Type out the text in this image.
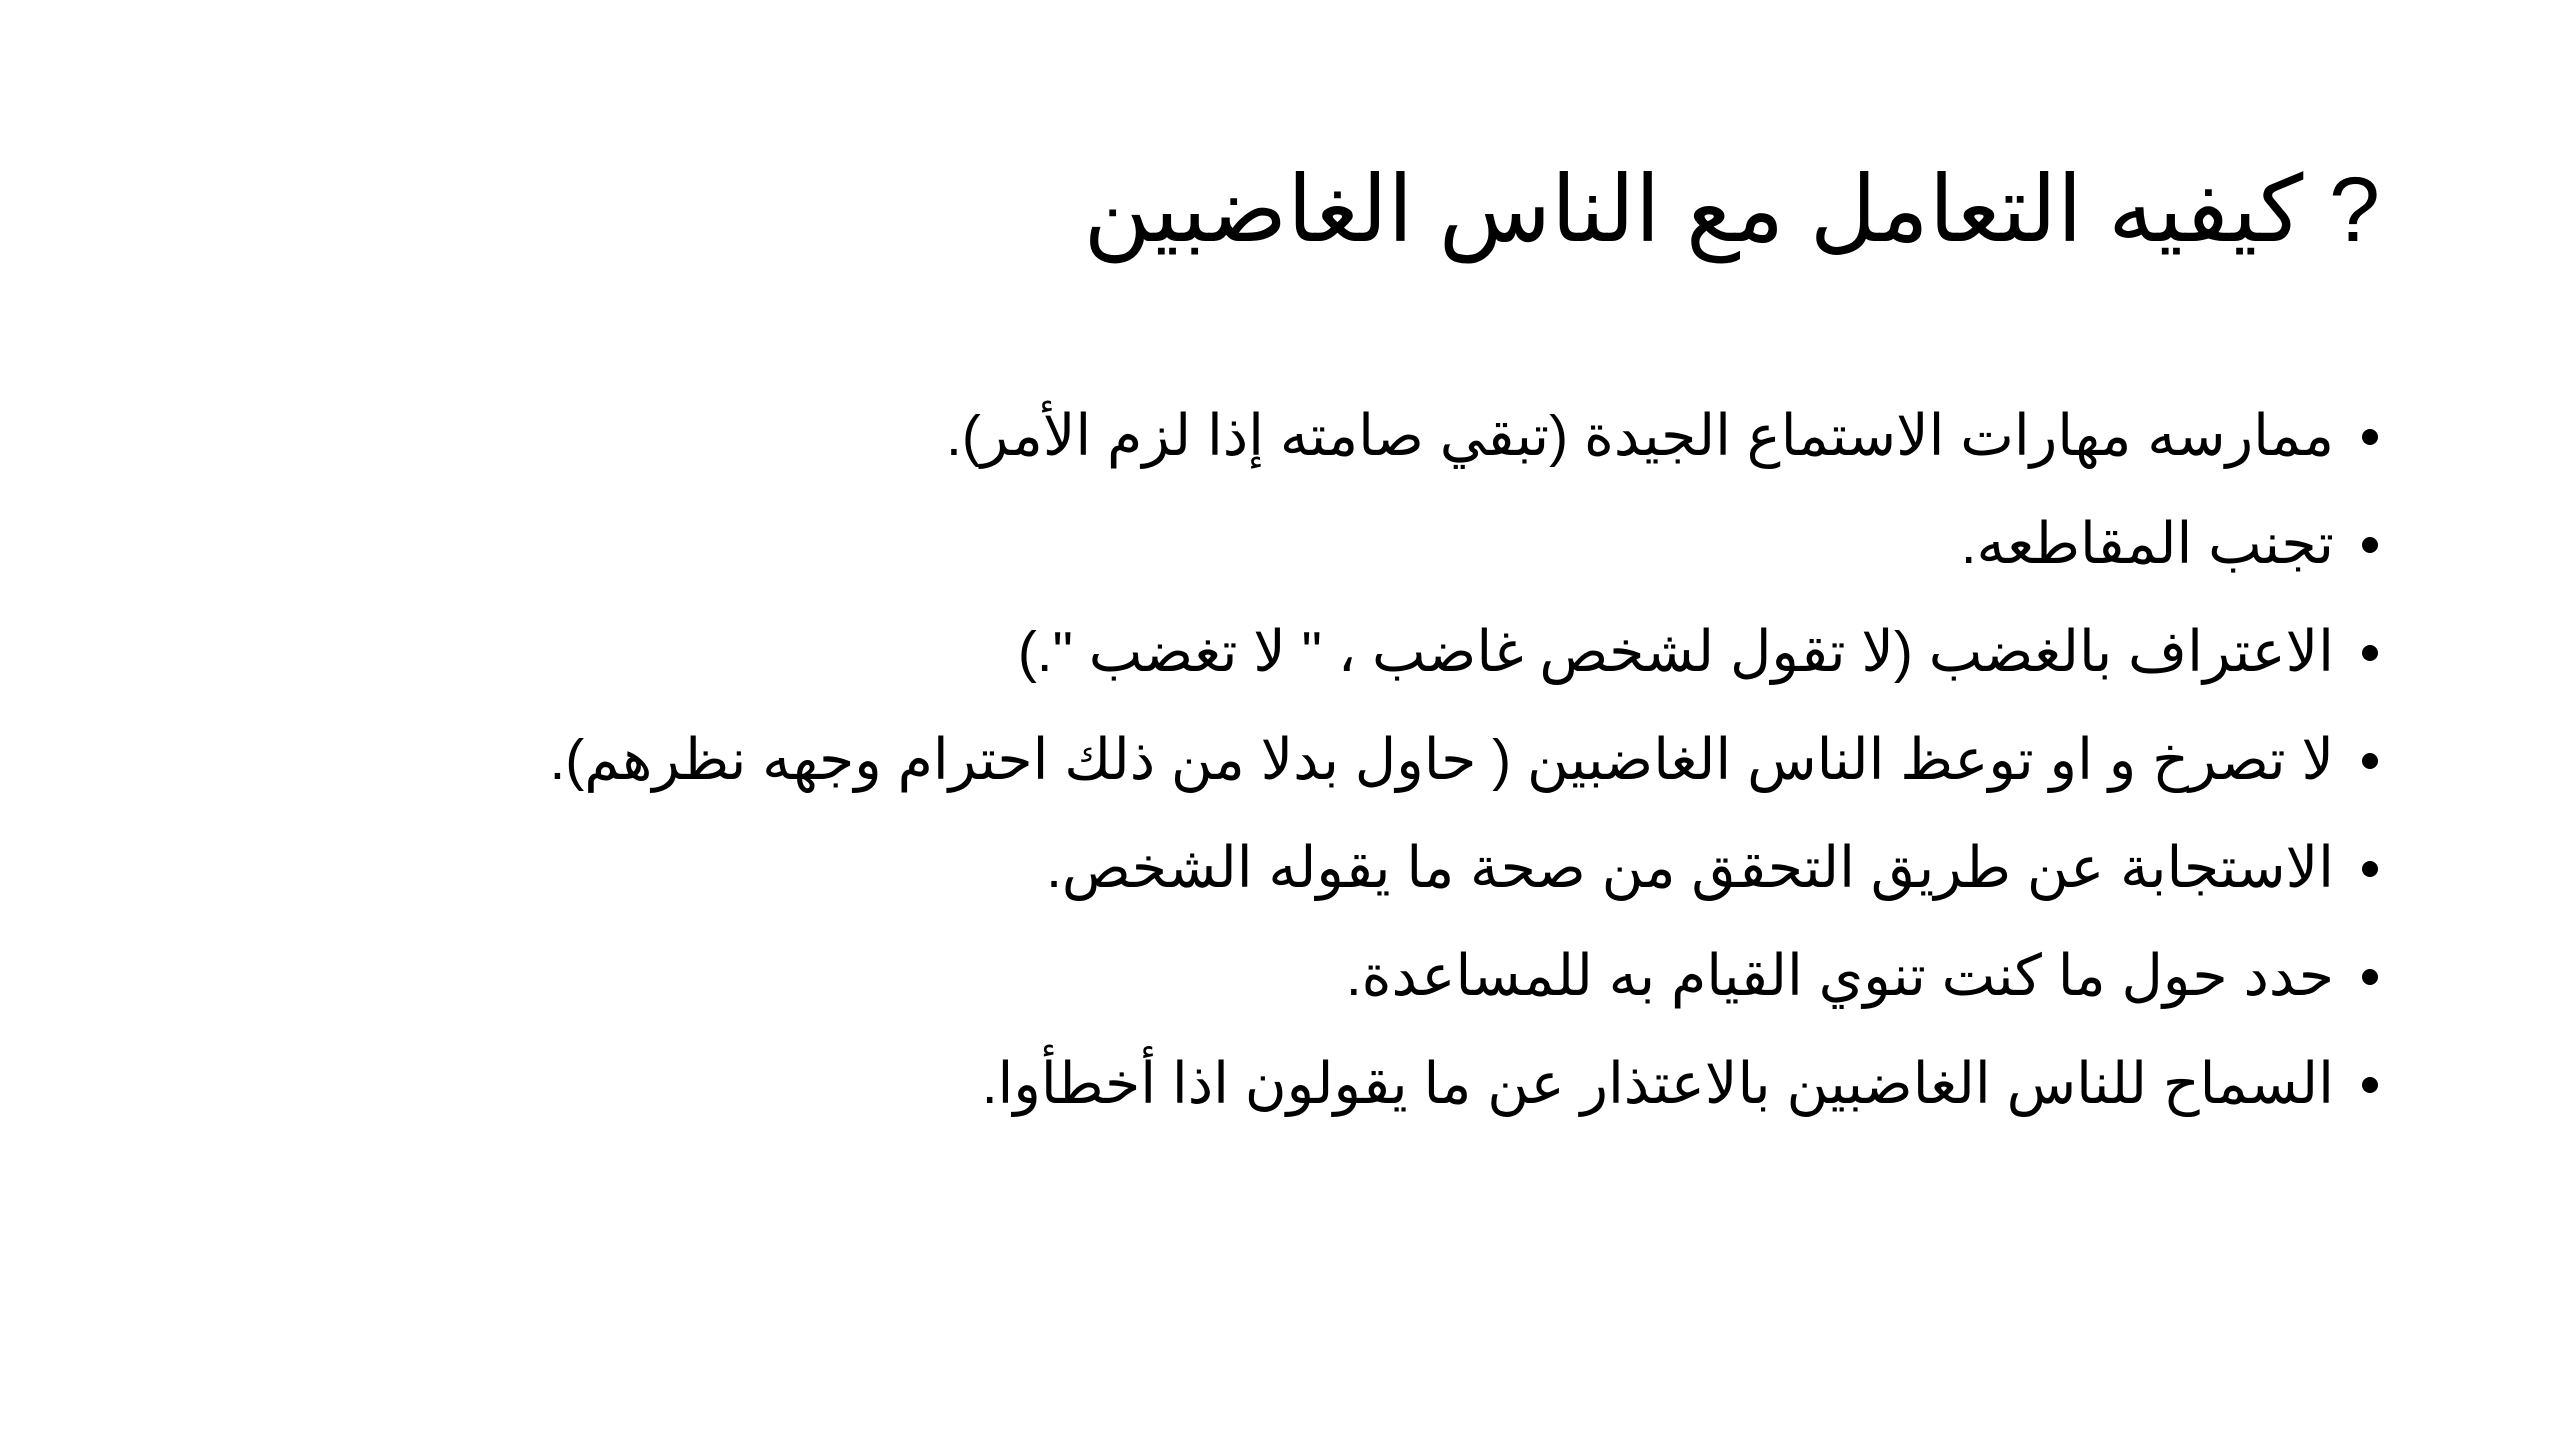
? كيفيه التعامل مع الناس الغاضبين
ممارسه مهارات الاستماع الجيدة (تبقي صامته إذا لزم الأمر).
تجنب المقاطعه.
الاعتراف بالغضب (لا تقول لشخص غاضب ، " لا تغضب ".)
لا تصرخ و او توعظ الناس الغاضبين ( حاول بدلا من ذلك احترام وجهه نظرهم).
الاستجابة عن طريق التحقق من صحة ما يقوله الشخص.
حدد حول ما كنت تنوي القيام به للمساعدة.
السماح للناس الغاضبين بالاعتذار عن ما يقولون اذا أخطأوا.
